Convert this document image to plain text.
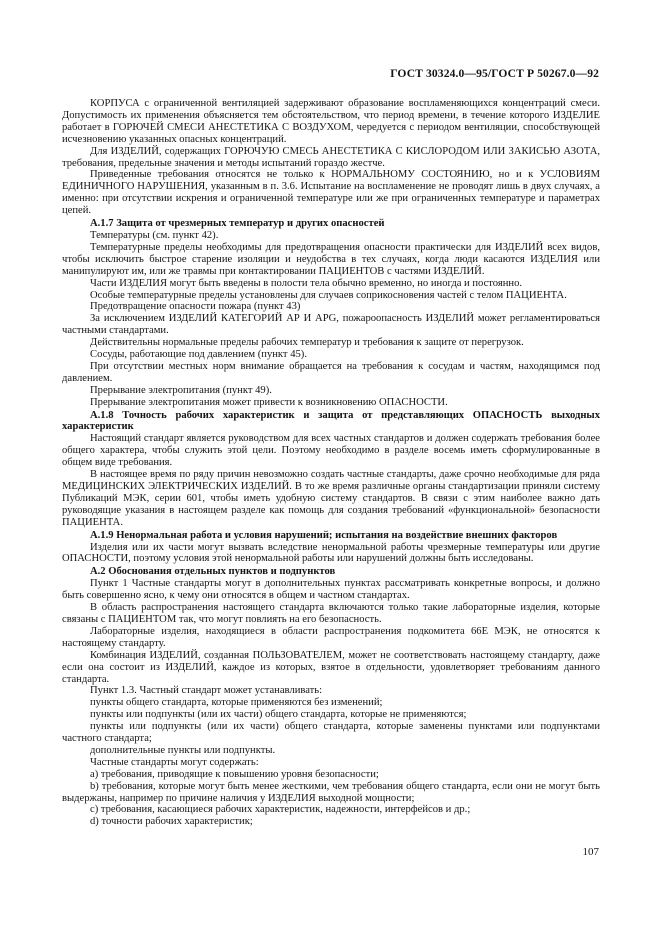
ГОСТ 30324.0—95/ГОСТ Р 50267.0—92

КОРПУСА с ограниченной вентиляцией задерживают образование воспламеняющихся концентраций смеси. Допустимость их применения объясняется тем обстоятельством, что период времени, в течение которого ИЗДЕЛИЕ работает в ГОРЮЧЕЙ СМЕСИ АНЕСТЕТИКА С ВОЗДУХОМ, чередуется с периодом вентиляции, способствующей исчезновению указанных опасных концентраций.

Для ИЗДЕЛИЙ, содержащих ГОРЮЧУЮ СМЕСЬ АНЕСТЕТИКА С КИСЛОРОДОМ ИЛИ ЗАКИСЬЮ АЗОТА, требования, предельные значения и методы испытаний гораздо жестче.

Приведенные требования относятся не только к НОРМАЛЬНОМУ СОСТОЯНИЮ, но и к УСЛОВИЯМ ЕДИНИЧНОГО НАРУШЕНИЯ, указанным в п. 3.6. Испытание на воспламенение не проводят лишь в двух случаях, а именно: при отсутствии искрения и ограниченной температуре или же при ограниченных температуре и параметрах цепей.

А.1.7 Защита от чрезмерных температур и других опасностей

Температуры (см. пункт 42).

Температурные пределы необходимы для предотвращения опасности практически для ИЗДЕЛИЙ всех видов, чтобы исключить быстрое старение изоляции и неудобства в тех случаях, когда люди касаются ИЗДЕЛИЯ или манипулируют им, или же травмы при контактировании ПАЦИЕНТОВ с частями ИЗДЕЛИЙ.

Части ИЗДЕЛИЯ могут быть введены в полости тела обычно временно, но иногда и постоянно.

Особые температурные пределы установлены для случаев соприкосновения частей с телом ПАЦИЕНТА.

Предотвращение опасности пожара (пункт 43)

За исключением ИЗДЕЛИЙ КАТЕГОРИЙ АР И APG, пожароопасность ИЗДЕЛИЙ может регламентироваться частными стандартами.

Действительны нормальные пределы рабочих температур и требования к защите от перегрузок.

Сосуды, работающие под давлением (пункт 45).

При отсутствии местных норм внимание обращается на требования к сосудам и частям, находящимся под давлением.

Прерывание электропитания (пункт 49).

Прерывание электропитания может привести к возникновению ОПАСНОСТИ.

А.1.8 Точность рабочих характеристик и защита от представляющих ОПАСНОСТЬ выходных характеристик

Настоящий стандарт является руководством для всех частных стандартов и должен содержать требования более общего характера, чтобы служить этой цели. Поэтому необходимо в разделе восемь иметь сформулированные в общем виде требования.

В настоящее время по ряду причин невозможно создать частные стандарты, даже срочно необходимые для ряда МЕДИЦИНСКИХ ЭЛЕКТРИЧЕСКИХ ИЗДЕЛИЙ. В то же время различные органы стандартизации приняли систему Публикаций МЭК, серии 601, чтобы иметь удобную систему стандартов. В связи с этим наиболее важно дать руководящие указания в настоящем разделе как помощь для создания требований «функциональной» безопасности ПАЦИЕНТА.

А.1.9 Ненормальная работа и условия нарушений; испытания на воздействие внешних факторов

Изделия или их части могут вызвать вследствие ненормальной работы чрезмерные температуры или другие ОПАСНОСТИ, поэтому условия этой ненормальной работы или нарушений должны быть исследованы.

А.2 Обоснования отдельных пунктов и подпунктов

Пункт 1 Частные стандарты могут в дополнительных пунктах рассматривать конкретные вопросы, и должно быть совершенно ясно, к чему они относятся в общем и частном стандартах.

В область распространения настоящего стандарта включаются только такие лабораторные изделия, которые связаны с ПАЦИЕНТОМ так, что могут повлиять на его безопасность.

Лабораторные изделия, находящиеся в области распространения подкомитета 66Е МЭК, не относятся к настоящему стандарту.

Комбинация ИЗДЕЛИЙ, созданная ПОЛЬЗОВАТЕЛЕМ, может не соответствовать настоящему стандарту, даже если она состоит из ИЗДЕЛИЙ, каждое из которых, взятое в отдельности, удовлетворяет требованиям данного стандарта.

Пункт 1.3. Частный стандарт может устанавливать:

пункты общего стандарта, которые применяются без изменений;

пункты или подпункты (или их части) общего стандарта, которые не применяются;

пункты или подпункты (или их части) общего стандарта, которые заменены пунктами или подпунктами частного стандарта;

дополнительные пункты или подпункты.

Частные стандарты могут содержать:

а) требования, приводящие к повышению уровня безопасности;

b) требования, которые могут быть менее жесткими, чем требования общего стандарта, если они не могут быть выдержаны, например по причине наличия у ИЗДЕЛИЯ выходной мощности;

с) требования, касающиеся рабочих характеристик, надежности, интерфейсов и др.;

d) точности рабочих характеристик;

107
